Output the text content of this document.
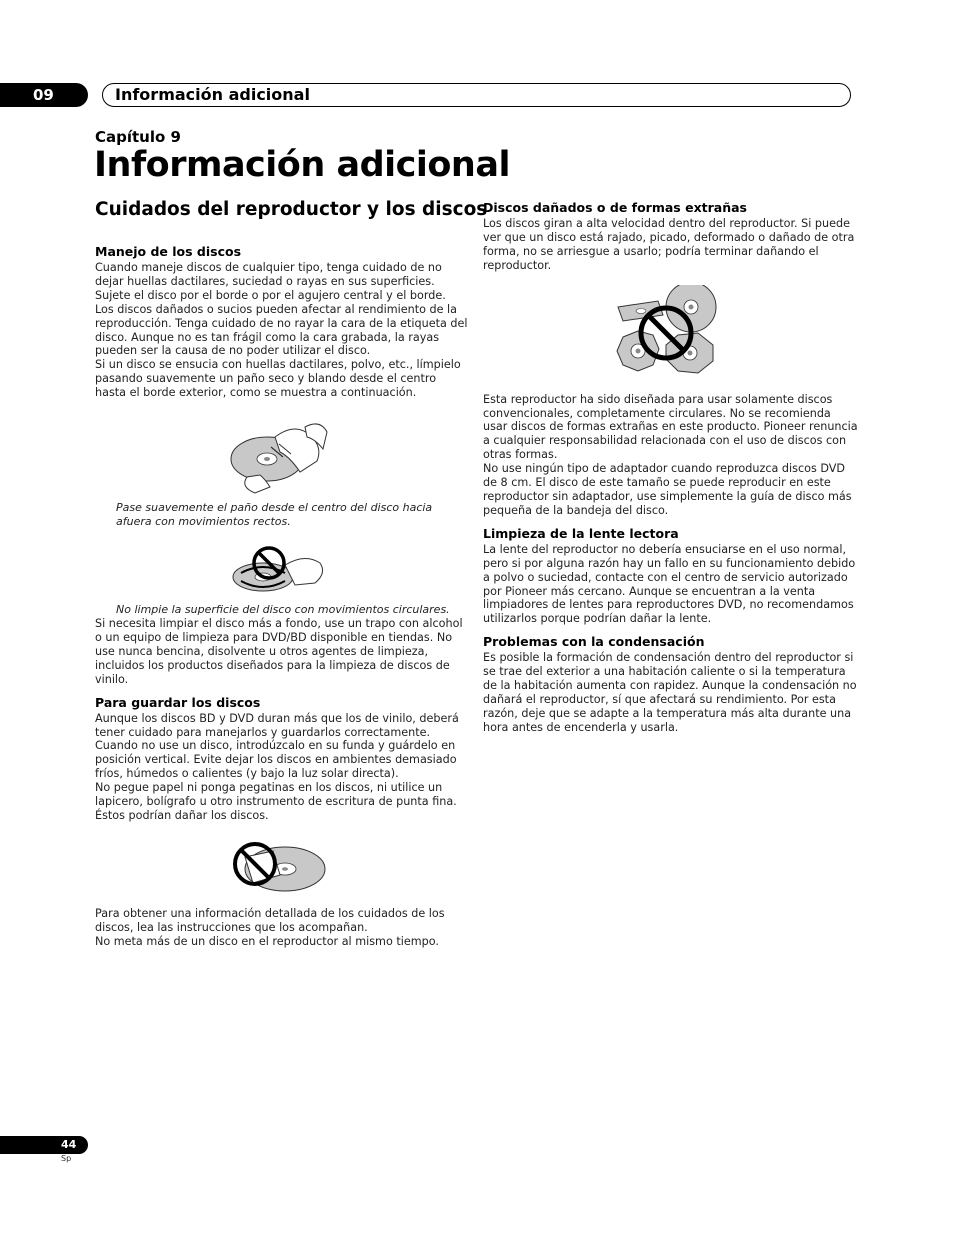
09	Información adicional
Capítulo 9
Información adicional
Cuidados del reproductor y los discos
Manejo de los discos

Cuando maneje discos de cualquier tipo, tenga cuidado de no dejar huellas dactilares, suciedad o rayas en sus superficies. Sujete el disco por el borde o por el agujero central y el borde.

Los discos dañados o sucios pueden afectar al rendimiento de la reproducción. Tenga cuidado de no rayar la cara de la etiqueta del disco. Aunque no es tan frágil como la cara grabada, la rayas pueden ser la causa de no poder utilizar el disco.

Si un disco se ensucia con huellas dactilares, polvo, etc., límpielo pasando suavemente un paño seco y blando desde el centro hasta el borde exterior, como se muestra a continuación.

Pase suavemente el paño desde el centro del disco hacia afuera con movimientos rectos.

No limpie la superficie del disco con movimientos circulares.

Si necesita limpiar el disco más a fondo, use un trapo con alcohol o un equipo de limpieza para DVD/BD disponible en tiendas. No use nunca bencina, disolvente u otros agentes de limpieza, incluidos los productos diseñados para la limpieza de discos de vinilo.

Para guardar los discos

Aunque los discos BD y DVD duran más que los de vinilo, deberá tener cuidado para manejarlos y guardarlos correctamente. Cuando no use un disco, introdúzcalo en su funda y guárdelo en posición vertical. Evite dejar los discos en ambientes demasiado fríos, húmedos o calientes (y bajo la luz solar directa).

No pegue papel ni ponga pegatinas en los discos, ni utilice un lapicero, bolígrafo u otro instrumento de escritura de punta fina. Éstos podrían dañar los discos.

Para obtener una información detallada de los cuidados de los discos, lea las instrucciones que los acompañan.

No meta más de un disco en el reproductor al mismo tiempo.

Discos dañados o de formas extrañas

Los discos giran a alta velocidad dentro del reproductor. Si puede ver que un disco está rajado, picado, deformado o dañado de otra forma, no se arriesgue a usarlo; podría terminar dañando el reproductor.

Esta reproductor ha sido diseñada para usar solamente discos convencionales, completamente circulares. No se recomienda usar discos de formas extrañas en este producto. Pioneer renuncia a cualquier responsabilidad relacionada con el uso de discos con otras formas.

No use ningún tipo de adaptador cuando reproduzca discos DVD de 8 cm. El disco de este tamaño se puede reproducir en este reproductor sin adaptador, use simplemente la guía de disco más pequeña de la bandeja del disco.

Limpieza de la lente lectora

La lente del reproductor no debería ensuciarse en el uso normal, pero si por alguna razón hay un fallo en su funcionamiento debido a polvo o suciedad, contacte con el centro de servicio autorizado por Pioneer más cercano. Aunque se encuentran a la venta limpiadores de lentes para reproductores DVD, no recomendamos utilizarlos porque podrían dañar la lente.

Problemas con la condensación

Es posible la formación de condensación dentro del reproductor si se trae del exterior a una habitación caliente o si la temperatura de la habitación aumenta con rapidez. Aunque la condensación no dañará el reproductor, sí que afectará su rendimiento. Por esta razón, deje que se adapte a la temperatura más alta durante una hora antes de encenderla y usarla.

44
Sp
